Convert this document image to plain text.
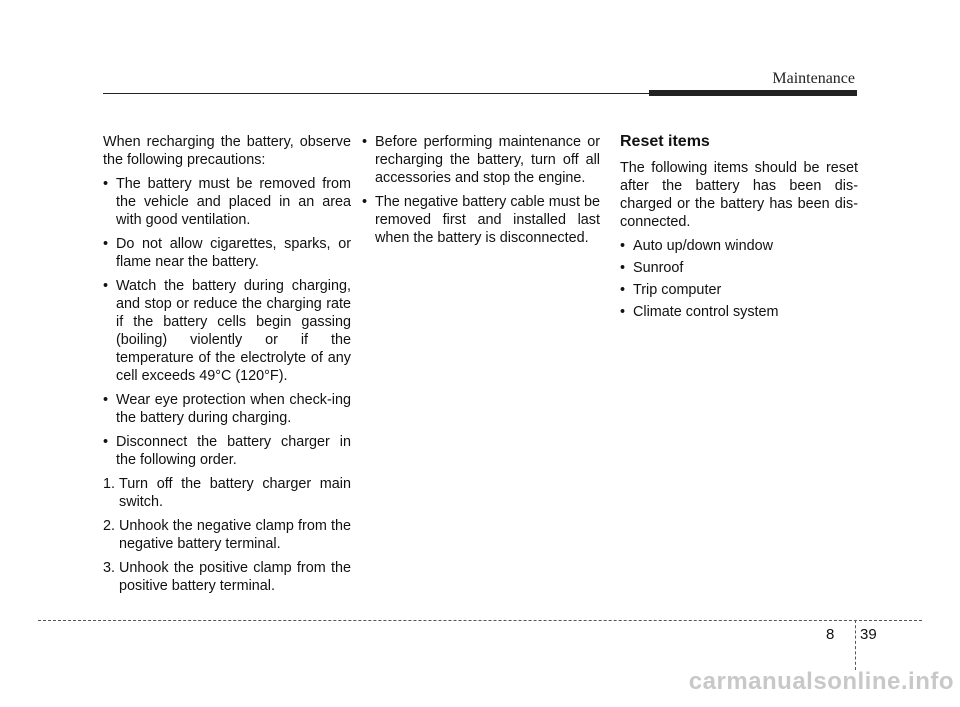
Maintenance

When recharging the battery, observe the following precautions:

• The battery must be removed from the vehicle and placed in an area with good ventilation.
• Do not allow cigarettes, sparks, or flame near the battery.
• Watch the battery during charging, and stop or reduce the charging rate if the battery cells begin gassing (boiling) violently or if the temperature of the electrolyte of any cell exceeds 49°C (120°F).
• Wear eye protection when check-ing the battery during charging.
• Disconnect the battery charger in the following order.
1. Turn off the battery charger main switch.
2. Unhook the negative clamp from the negative battery terminal.
3. Unhook the positive clamp from the positive battery terminal.
• Before performing maintenance or recharging the battery, turn off all accessories and stop the engine.
• The negative battery cable must be removed first and installed last when the battery is disconnected.
Reset items

The following items should be reset after the battery has been dis-charged or the battery has been dis-connected.

• Auto up/down window
• Sunroof
• Trip computer
• Climate control system
8 39
carmanualsonline.info
